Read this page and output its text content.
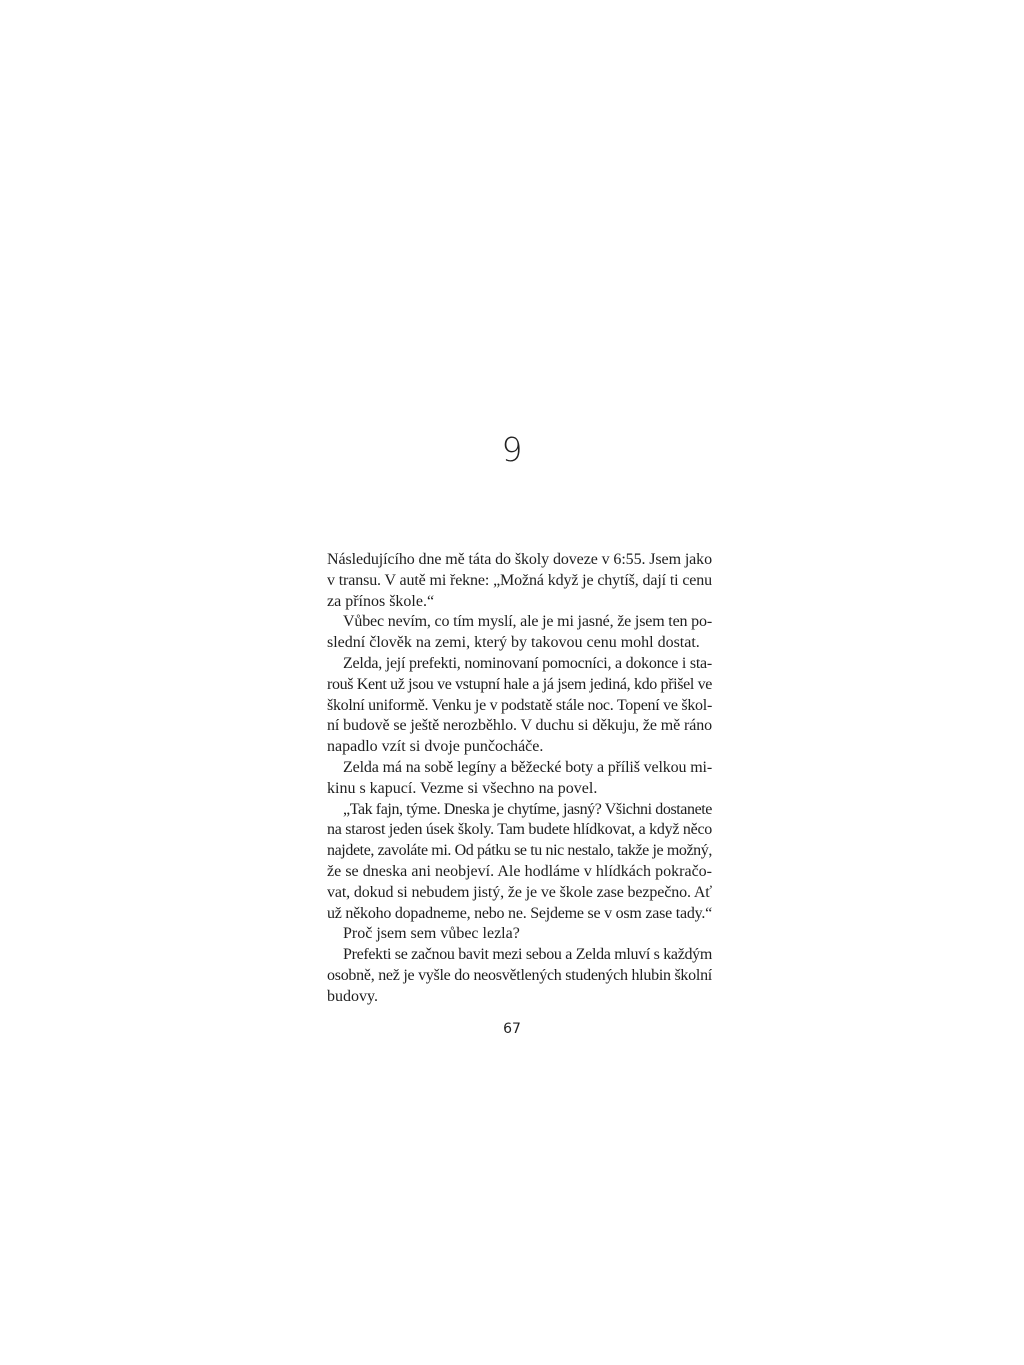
9
Následujícího dne mě táta do školy doveze v 6:55. Jsem jako
v transu. V autě mi řekne: „Možná když je chytíš, dají ti cenu
za přínos škole.“
Vůbec nevím, co tím myslí, ale je mi jasné, že jsem ten po-
slední člověk na zemi, který by takovou cenu mohl dostat.
Zelda, její prefekti, nominovaní pomocníci, a dokonce i sta-
rouš Kent už jsou ve vstupní hale a já jsem jediná, kdo přišel ve
školní uniformě. Venku je v podstatě stále noc. Topení ve škol-
ní budově se ještě nerozběhlo. V duchu si děkuju, že mě ráno
napadlo vzít si dvoje punčocháče.
Zelda má na sobě legíny a běžecké boty a příliš velkou mi-
kinu s kapucí. Vezme si všechno na povel.
„Tak fajn, týme. Dneska je chytíme, jasný? Všichni dostanete
na starost jeden úsek školy. Tam budete hlídkovat, a když něco
najdete, zavoláte mi. Od pátku se tu nic nestalo, takže je možný,
že se dneska ani neobjeví. Ale hodláme v hlídkách pokračo-
vat, dokud si nebudem jistý, že je ve škole zase bezpečno. Ať
už někoho dopadneme, nebo ne. Sejdeme se v osm zase tady.“
Proč jsem sem vůbec lezla?
Prefekti se začnou bavit mezi sebou a Zelda mluví s každým
osobně, než je vyšle do neosvětlených studených hlubin školní
budovy.
67
